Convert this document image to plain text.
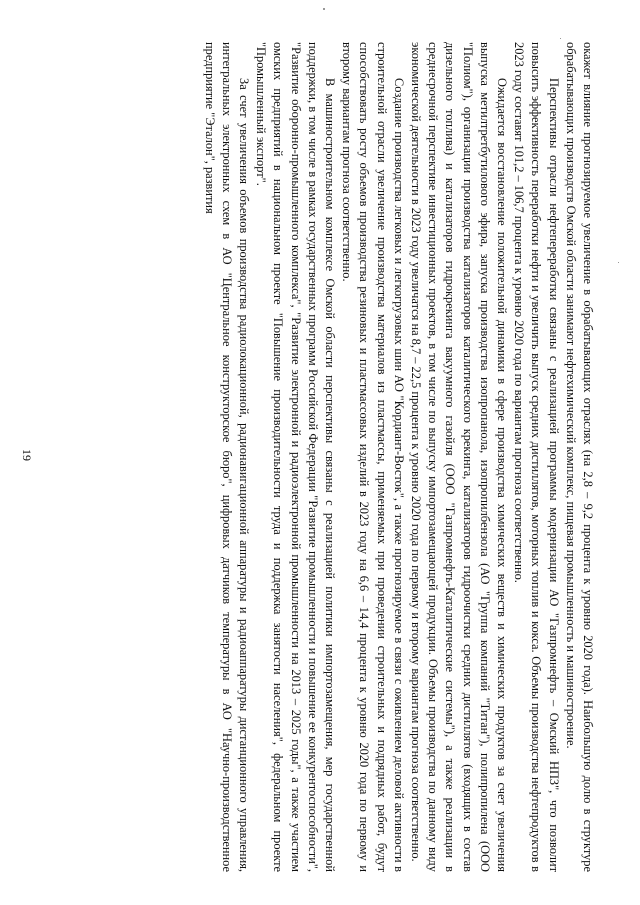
19	окажет влияние прогнозируемое увеличение в обрабатывающих отраслях (на 2,8 – 9,2 процента к уровню 2020 года). Наибольшую долю в структуре обрабатывающих производств Омской области занимают нефтехимический комплекс, пищевая промышленность и машиностроение.

Перспективы отрасли нефтепереработки связаны с реализацией программы модернизации АО "Газпромнефть – Омский НПЗ", что позволит повысить эффективность переработки нефти и увеличить выпуск средних дистиллятов, моторных топлив и кокса. Объемы производства нефтепродуктов в 2023 году составят 101,2 – 106,7 процента к уровню 2020 года по вариантам прогноза соответственно.

Ожидается восстановление положительной динамики в сфере производства химических веществ и химических продуктов за счет увеличения выпуска метилтретбутилового эфира, запуска производства изопропанола, изопропилбензола (АО "Группа компаний "Титан"), полипропилена (ООО "Полиом"), организации производства катализаторов каталитического крекинга, катализаторов гидроочистки средних дистиллятов (входящих в состав дизельного топлива) и катализаторов гидрокрекинга вакуумного газойля (ООО "Газпромнефть-Каталитические системы"), а также реализации в среднесрочной перспективе инвестиционных проектов, в том числе по выпуску импортозамещающей продукции. Объемы производства по данному виду экономической деятельности в 2023 году увеличатся на 8,7 – 22,5 процента к уровню 2020 года по первому и второму вариантам прогноза соответственно.

Создание производства легковых и легкогрузовых шин АО "Кордиант-Восток", а также прогнозируемое в связи с оживлением деловой активности в строительной отрасли увеличение производства материалов из пластмассы, применяемых при проведении строительных и подрядных работ, будут способствовать росту объемов производства резиновых и пластмассовых изделий в 2023 году на 6,6 – 14,4 процента к уровню 2020 года по первому и второму вариантам прогноза соответственно.

В машиностроительном комплексе Омской области перспективы связаны с реализацией политики импортозамещения, мер государственной поддержки, в том числе в рамках государственных программ Российской Федерации "Развитие промышленности и повышение ее конкурентоспособности", "Развитие оборонно-промышленного комплекса", "Развитие электронной и радиоэлектронной промышленности на 2013 – 2025 годы", а также участием омских предприятий в национальном проекте "Повышение производительности труда и поддержка занятости населения", федеральном проекте "Промышленный экспорт".

За счет увеличения объемов производства радиолокационной, радионавигационной аппаратуры и радиоаппаратуры дистанционного управления, интегральных электронных схем в АО "Центральное конструкторское бюро", цифровых датчиков температуры в АО "Научно-производственное предприятие "Эталон", развития
